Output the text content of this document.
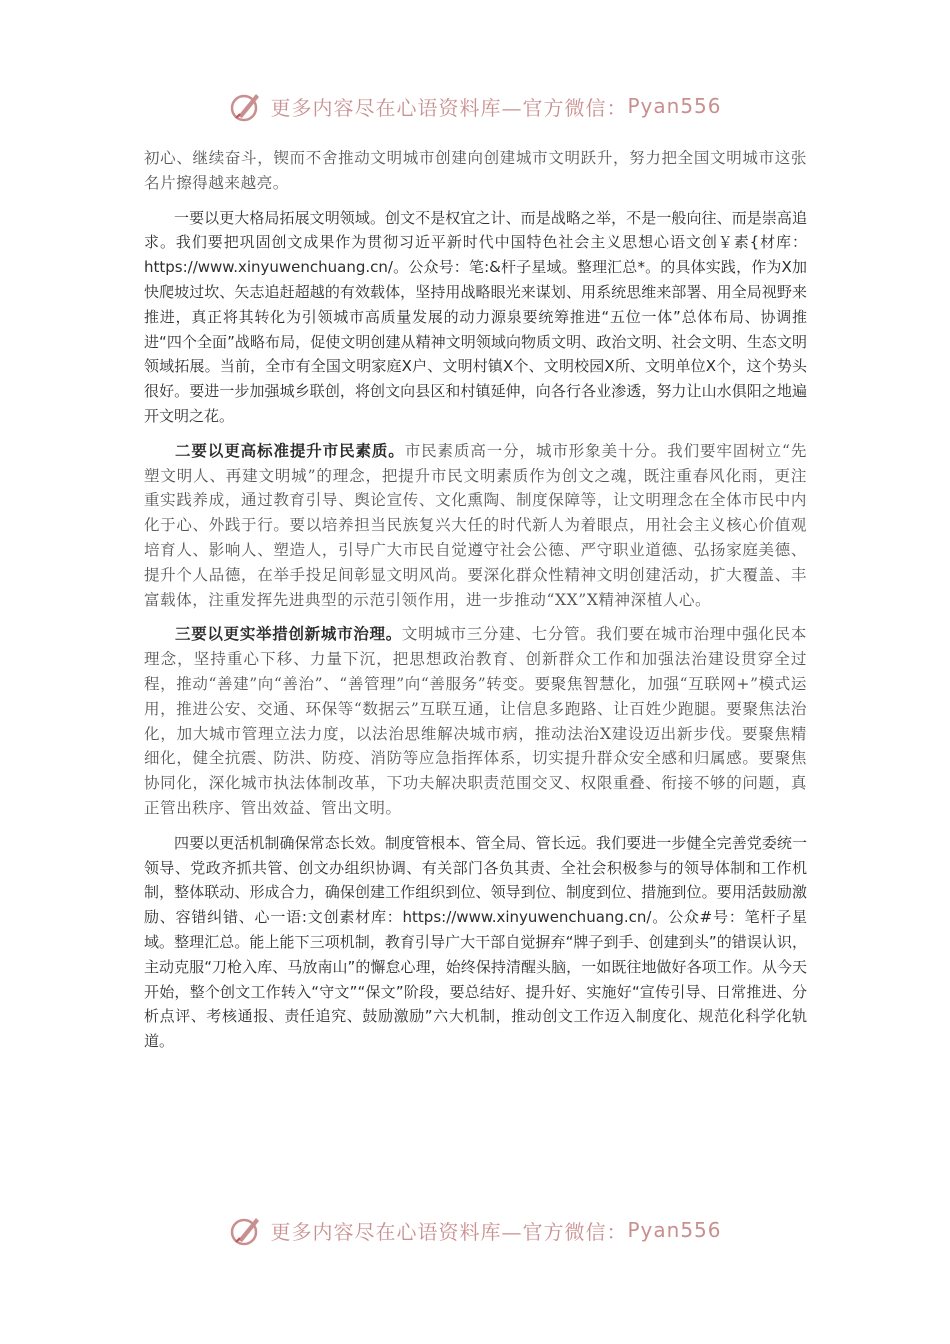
更多内容尽在心语资料库—官方微信： Pyan556

初心、继续奋斗，锲而不舍推动文明城市创建向创建城市文明跃升，努力把全国文明城市这张名片擦得越来越亮。

一要以更大格局拓展文明领域。创文不是权宜之计、而是战略之举，不是一般向往、而是崇高追求。我们要把巩固创文成果作为贯彻习近平新时代中国特色社会主义思想心语文创￥素{材库：https://www.xinyuwenchuang.cn/。公众号：笔:&杆子星域。整理汇总*。的具体实践，作为X加快爬坡过坎、矢志追赶超越的有效载体，坚持用战略眼光来谋划、用系统思维来部署、用全局视野来推进，真正将其转化为引领城市高质量发展的动力源泉要统筹推进“五位一体”总体布局、协调推进“四个全面”战略布局，促使文明创建从精神文明领域向物质文明、政治文明、社会文明、生态文明领域拓展。当前，全市有全国文明家庭X户、文明村镇X个、文明校园X所、文明单位X个，这个势头很好。要进一步加强城乡联创，将创文向县区和村镇延伸，向各行各业渗透，努力让山水俱阳之地遍开文明之花。

二要以更高标准提升市民素质。市民素质高一分，城市形象美十分。我们要牢固树立“先塑文明人、再建文明城”的理念，把提升市民文明素质作为创文之魂，既注重春风化雨，更注重实践养成，通过教育引导、舆论宣传、文化熏陶、制度保障等，让文明理念在全体市民中内化于心、外践于行。要以培养担当民族复兴大任的时代新人为着眼点，用社会主义核心价值观培育人、影响人、塑造人，引导广大市民自觉遵守社会公德、严守职业道德、弘扬家庭美德、提升个人品德，在举手投足间彰显文明风尚。要深化群众性精神文明创建活动，扩大覆盖、丰富载体，注重发挥先进典型的示范引领作用，进一步推动“XX”X精神深植人心。

三要以更实举措创新城市治理。文明城市三分建、七分管。我们要在城市治理中强化民本理念，坚持重心下移、力量下沉，把思想政治教育、创新群众工作和加强法治建设贯穿全过程，推动“善建”向“善治”、“善管理”向“善服务”转变。要聚焦智慧化，加强“互联网+”模式运用，推进公安、交通、环保等“数据云”互联互通，让信息多跑路、让百姓少跑腿。要聚焦法治化，加大城市管理立法力度，以法治思维解决城市病，推动法治X建设迈出新步伐。要聚焦精细化，健全抗震、防洪、防疫、消防等应急指挥体系，切实提升群众安全感和归属感。要聚焦协同化，深化城市执法体制改革，下功夫解决职责范围交叉、权限重叠、衔接不够的问题，真正管出秩序、管出效益、管出文明。

四要以更活机制确保常态长效。制度管根本、管全局、管长远。我们要进一步健全完善党委统一领导、党政齐抓共管、创文办组织协调、有关部门各负其责、全社会积极参与的领导体制和工作机制，整体联动、形成合力，确保创建工作组织到位、领导到位、制度到位、措施到位。要用活鼓励激励、容错纠错、心一语:文创素材库：https://www.xinyuwenchuang.cn/。公众#号：笔杆子星域。整理汇总。能上能下三项机制，教育引导广大干部自觉摒弃“牌子到手、创建到头”的错误认识，主动克服“刀枪入库、马放南山”的懈怠心理，始终保持清醒头脑，一如既往地做好各项工作。从今天开始，整个创文工作转入“守文”“保文”阶段，要总结好、提升好、实施好“宣传引导、日常推进、分析点评、考核通报、责任追究、鼓励激励”六大机制，推动创文工作迈入制度化、规范化科学化轨道。

更多内容尽在心语资料库—官方微信： Pyan556
